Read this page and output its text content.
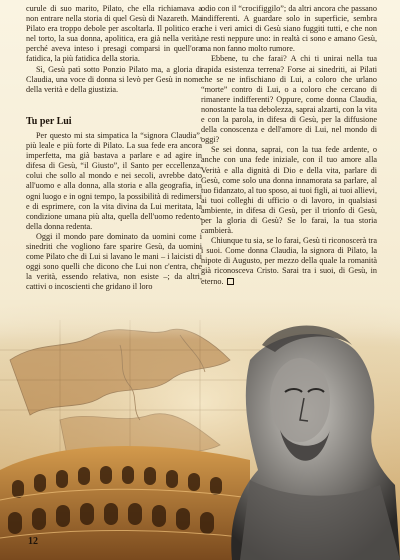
curule di suo marito, Pilato, che ella richiamava a non entrare nella storia di quel Gesù di Nazareth. Ma Pilato era troppo debole per ascoltarla. Il politico era nel torto, la sua donna, apolitica, era già nella verità, perché aveva inteso i presagi comparsi in quell'ora fatidica, la più fatidica della storia.

Sì, Gesù patì sotto Ponzio Pilato ma, a gloria di Claudia, una voce di donna si levò per Gesù in nome della verità e della giustizia.

Tu per Lui

Per questo mi sta simpatica la “signora Claudia”, più leale e più forte di Pilato. La sua fede era ancora imperfetta, ma già bastava a parlare e ad agire in difesa di Gesù, “il Giusto”, il Santo per eccellenza, colui che sollo al mondo e nei secoli, avrebbe dato all'uomo e alla donna, alla storia e alla geografia, in ogni luogo e in ogni tempo, la possibilità di redimersi e di esprimere, con la vita divina da Lui meritata, la condizione umana più alta, quella dell'uomo redento, della donna redenta.

Oggi il mondo pare dominato da uomini come i sinedriti che vogliono fare sparire Gesù, da uomini come Pilato che di Lui si lavano le mani – i laicisti di oggi sono quelli che dicono che Lui non c'entra, che la verità, essendo relativa, non esiste –; da altri, cattivi o incoscienti che gridano il loro

odio con il “crocifiggilo”; da altri ancora che passano indifferenti. A guardare solo in superficie, sembra che i veri amici di Gesù siano fuggiti tutti, e che non ne resti neppure uno: in realtà ci sono e amano Gesù, ma non fanno molto rumore.

Ebbene, tu che farai? A chi ti unirai nella tua rapida esistenza terrena? Forse ai sinedriti, ai Pilati che se ne infischiano di Lui, a coloro che urlano “morte” contro di Lui, o a coloro che cercano di rimanere indifferenti? Oppure, come donna Claudia, nonostante la tua debolezza, saprai alzarti, con la vita e con la parola, in difesa di Gesù, per la diffusione della conoscenza e dell'amore di Lui, nel mondo di oggi?

Se sei donna, saprai, con la tua fede ardente, o anche con una fede iniziale, con il tuo amore alla Verità e alla dignità di Dio e della vita, parlare di Gesù, come solo una donna innamorata sa parlare, al tuo fidanzato, al tuo sposo, ai tuoi figli, ai tuoi allievi, ai tuoi colleghi di ufficio o di lavoro, in qualsiasi ambiente, in difesa di Gesù, per il trionfo di Gesù, per la gloria di Gesù? Se lo farai, la tua storia cambierà.

Chiunque tu sia, se lo farai, Gesù ti riconoscerà tra i suoi. Come donna Claudia, la signora di Pilato, la nipote di Augusto, per mezzo della quale la romanità già riconosceva Cristo. Sarai tra i suoi, di Gesù, in eterno.

12
